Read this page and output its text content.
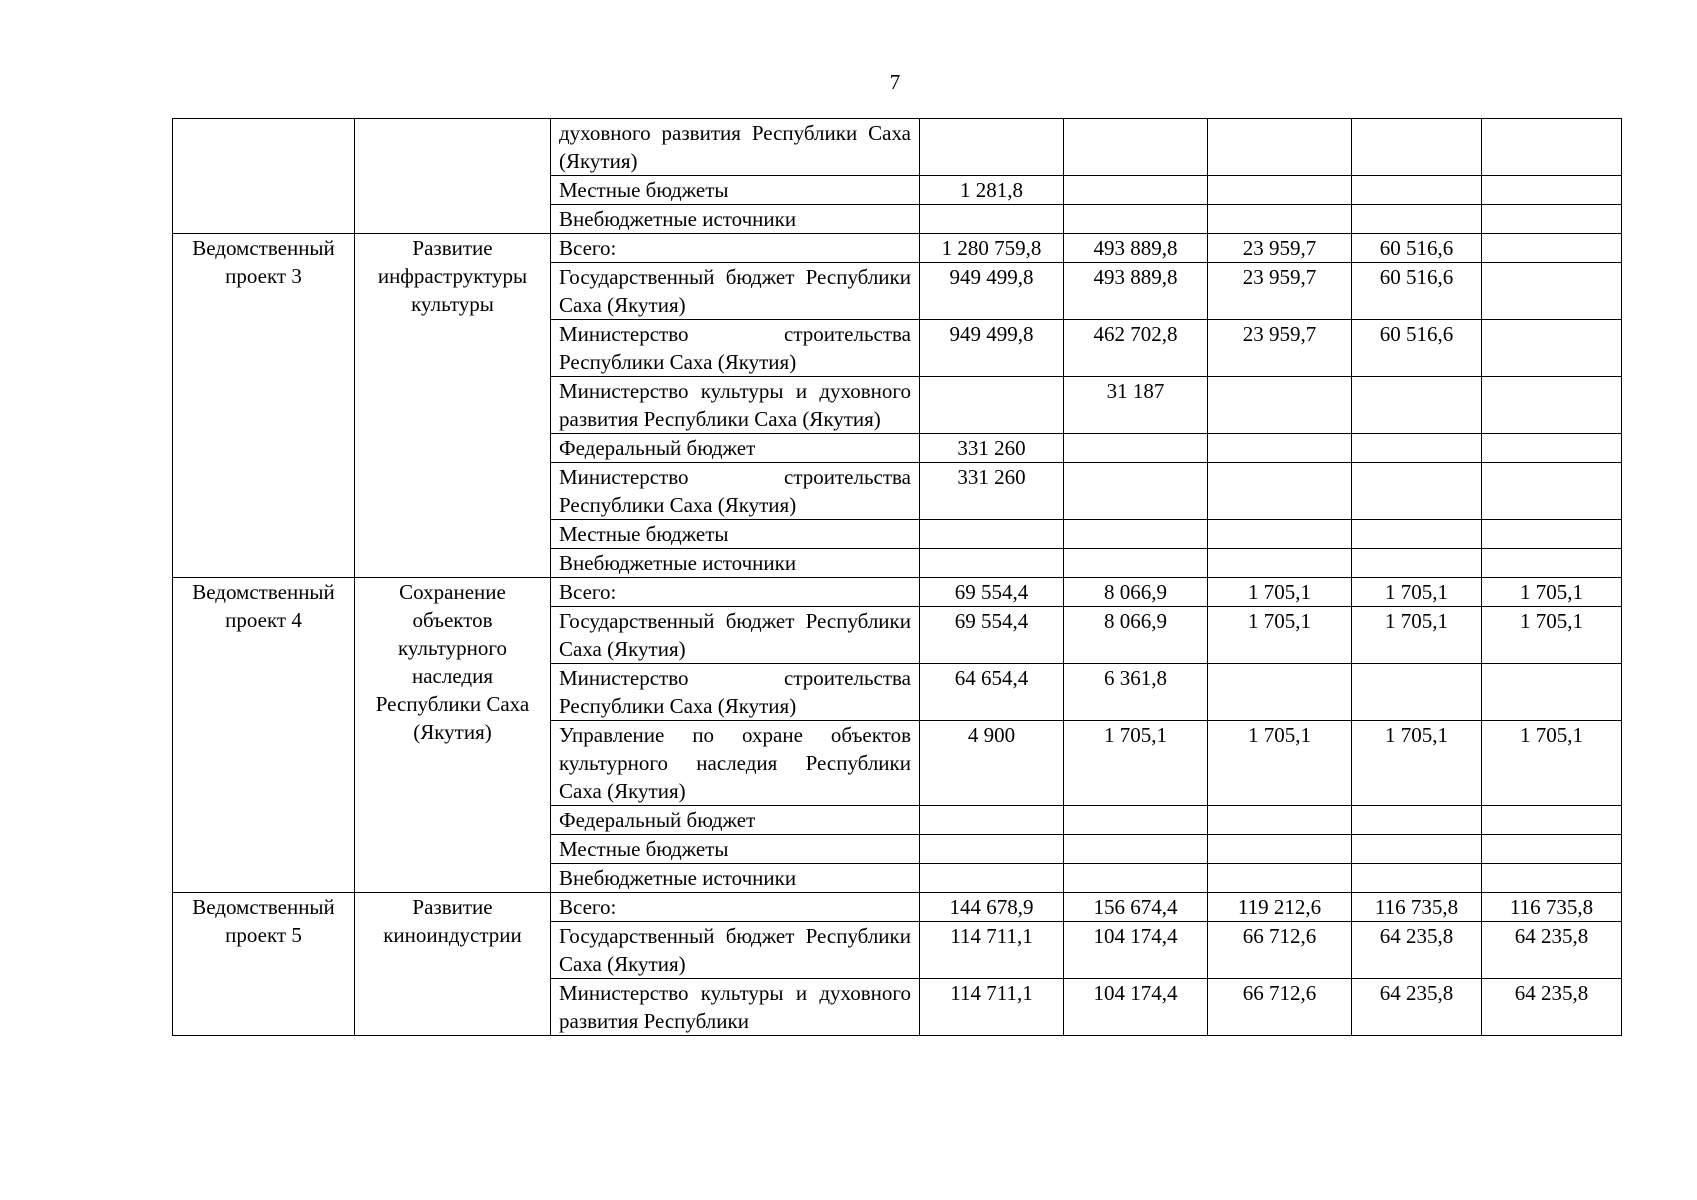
7
		духовного развития Республики Саха (Якутия)					
		Местные бюджеты	1 281,8				
		Внебюджетные источники					
Ведомственный проект 3	Развитие инфраструктуры культуры	Всего:	1 280 759,8	493 889,8	23 959,7	60 516,6	
		Государственный бюджет Республики Саха (Якутия)	949 499,8	493 889,8	23 959,7	60 516,6	
		Министерство строительства Республики Саха (Якутия)	949 499,8	462 702,8	23 959,7	60 516,6	
		Министерство культуры и духовного развития Республики Саха (Якутия)		31 187			
		Федеральный бюджет	331 260				
		Министерство строительства Республики Саха (Якутия)	331 260				
		Местные бюджеты					
		Внебюджетные источники					
Ведомственный проект 4	Сохранение объектов культурного наследия Республики Саха (Якутия)	Всего:	69 554,4	8 066,9	1 705,1	1 705,1	1 705,1
		Государственный бюджет Республики Саха (Якутия)	69 554,4	8 066,9	1 705,1	1 705,1	1 705,1
		Министерство строительства Республики Саха (Якутия)	64 654,4	6 361,8			
		Управление по охране объектов культурного наследия Республики Саха (Якутия)	4 900	1 705,1	1 705,1	1 705,1	1 705,1
		Федеральный бюджет					
		Местные бюджеты					
		Внебюджетные источники					
Ведомственный проект 5	Развитие киноиндустрии	Всего:	144 678,9	156 674,4	119 212,6	116 735,8	116 735,8
		Государственный бюджет Республики Саха (Якутия)	114 711,1	104 174,4	66 712,6	64 235,8	64 235,8
		Министерство культуры и духовного развития Республики	114 711,1	104 174,4	66 712,6	64 235,8	64 235,8
